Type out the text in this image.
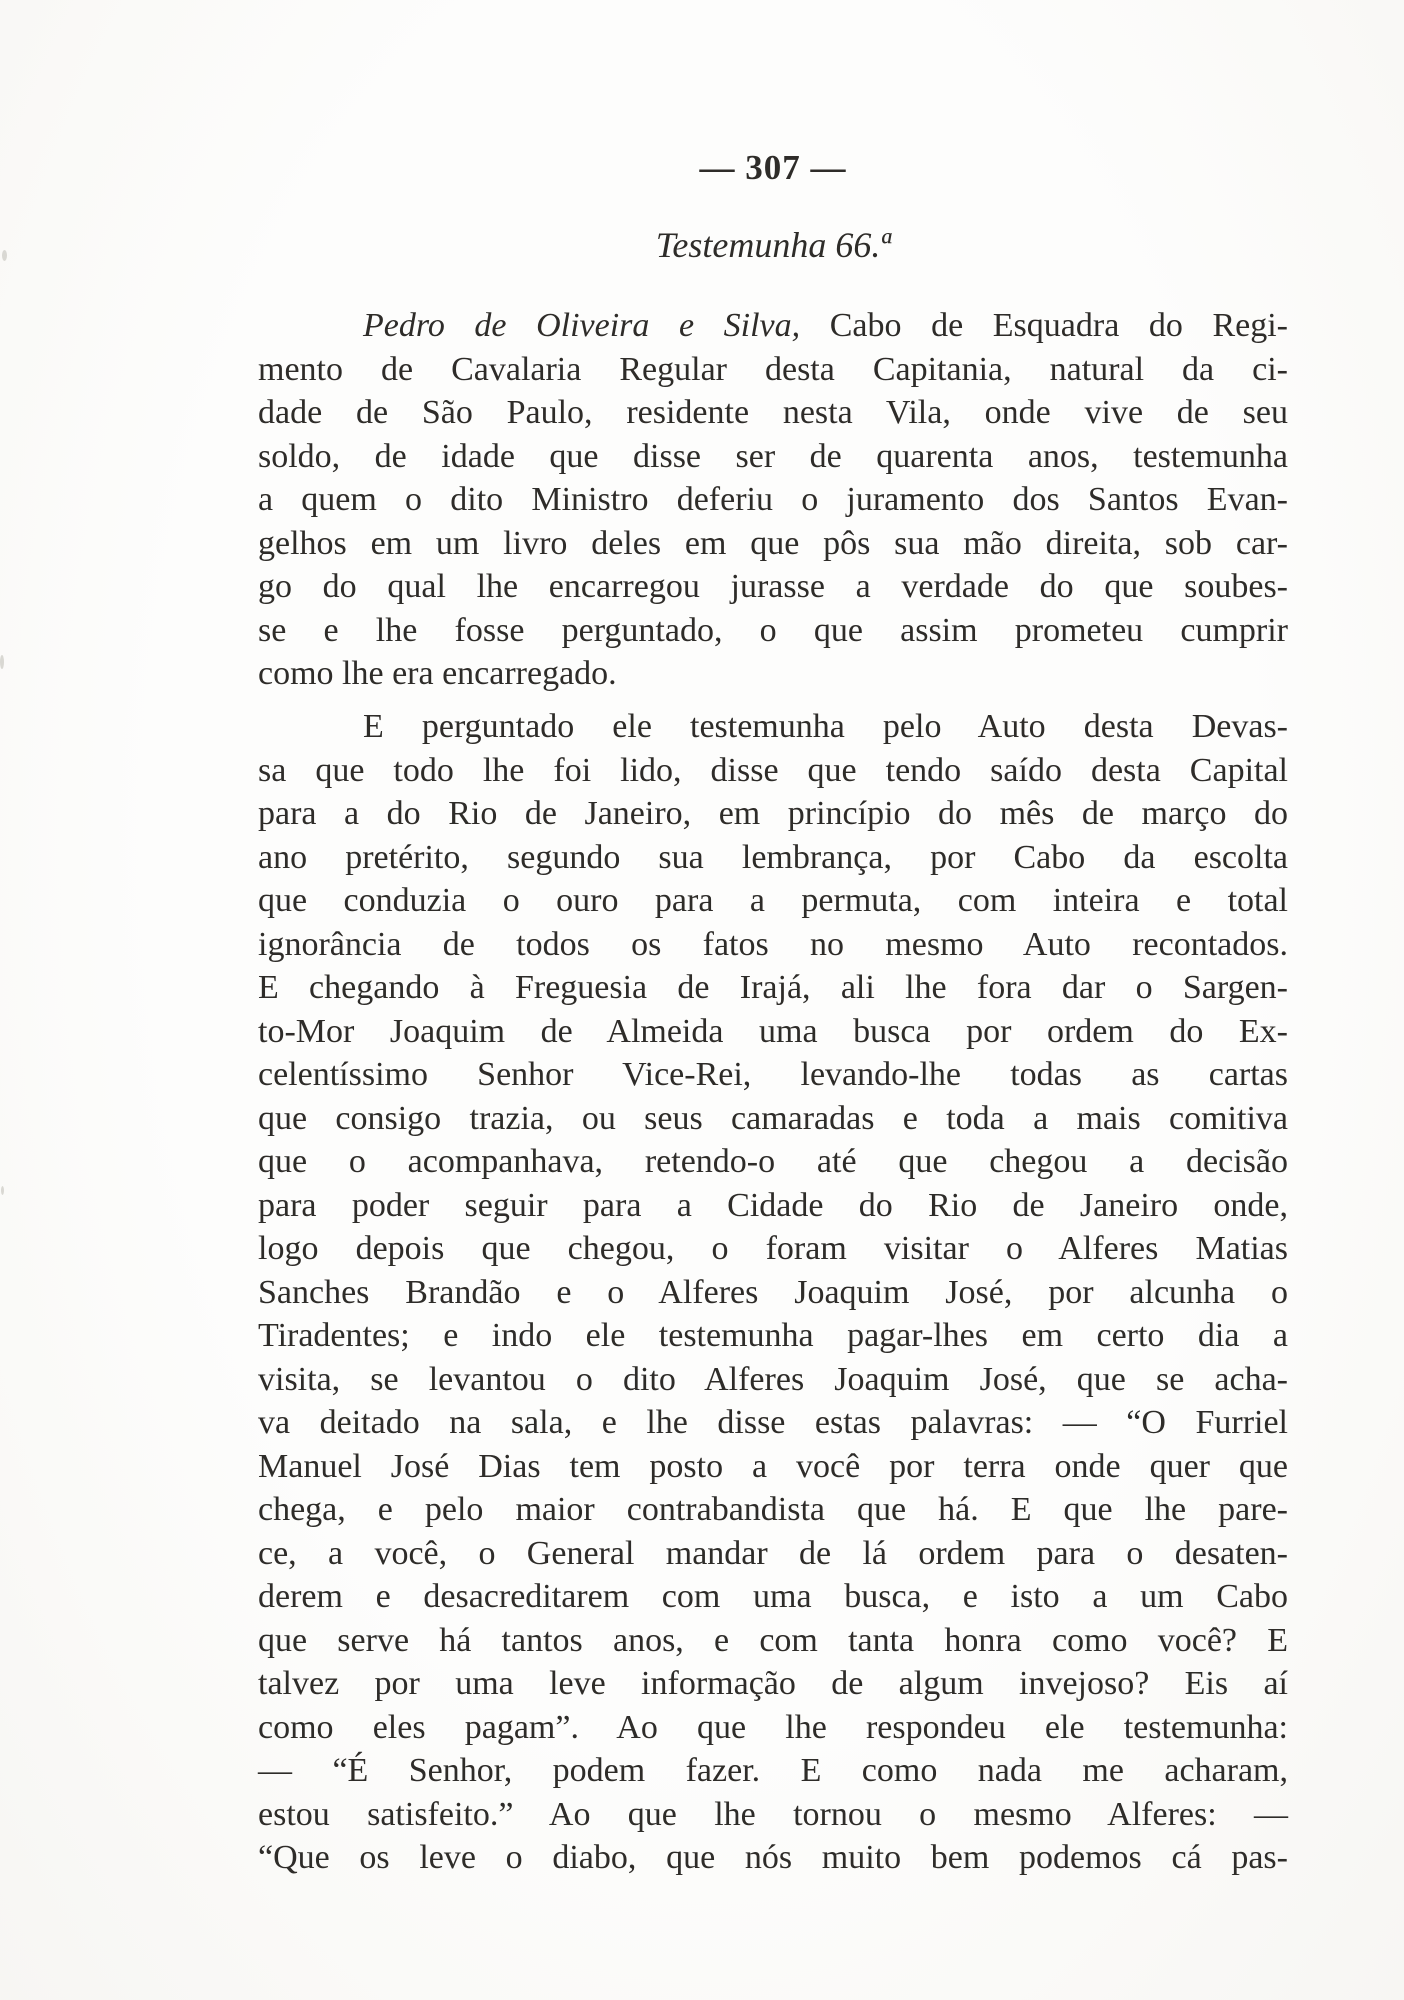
— 307 —
Testemunha 66.ª
Pedro de Oliveira e Silva, Cabo de Esquadra do Regi-
mento de Cavalaria Regular desta Capitania, natural da ci-
dade de São Paulo, residente nesta Vila, onde vive de seu
soldo, de idade que disse ser de quarenta anos, testemunha
a quem o dito Ministro deferiu o juramento dos Santos Evan-
gelhos em um livro deles em que pôs sua mão direita, sob car-
go do qual lhe encarregou jurasse a verdade do que soubes-
se e lhe fosse perguntado, o que assim prometeu cumprir
como lhe era encarregado.
E perguntado ele testemunha pelo Auto desta Devas-
sa que todo lhe foi lido, disse que tendo saído desta Capital
para a do Rio de Janeiro, em princípio do mês de março do
ano pretérito, segundo sua lembrança, por Cabo da escolta
que conduzia o ouro para a permuta, com inteira e total
ignorância de todos os fatos no mesmo Auto recontados.
E chegando à Freguesia de Irajá, ali lhe fora dar o Sargen-
to-Mor Joaquim de Almeida uma busca por ordem do Ex-
celentíssimo Senhor Vice-Rei, levando-lhe todas as cartas
que consigo trazia, ou seus camaradas e toda a mais comitiva
que o acompanhava, retendo-o até que chegou a decisão
para poder seguir para a Cidade do Rio de Janeiro onde,
logo depois que chegou, o foram visitar o Alferes Matias
Sanches Brandão e o Alferes Joaquim José, por alcunha o
Tiradentes; e indo ele testemunha pagar-lhes em certo dia a
visita, se levantou o dito Alferes Joaquim José, que se acha-
va deitado na sala, e lhe disse estas palavras: — “O Furriel
Manuel José Dias tem posto a você por terra onde quer que
chega, e pelo maior contrabandista que há. E que lhe pare-
ce, a você, o General mandar de lá ordem para o desaten-
derem e desacreditarem com uma busca, e isto a um Cabo
que serve há tantos anos, e com tanta honra como você? E
talvez por uma leve informação de algum invejoso? Eis aí
como eles pagam”. Ao que lhe respondeu ele testemunha:
— “É Senhor, podem fazer. E como nada me acharam,
estou satisfeito.” Ao que lhe tornou o mesmo Alferes: —
“Que os leve o diabo, que nós muito bem podemos cá pas-
